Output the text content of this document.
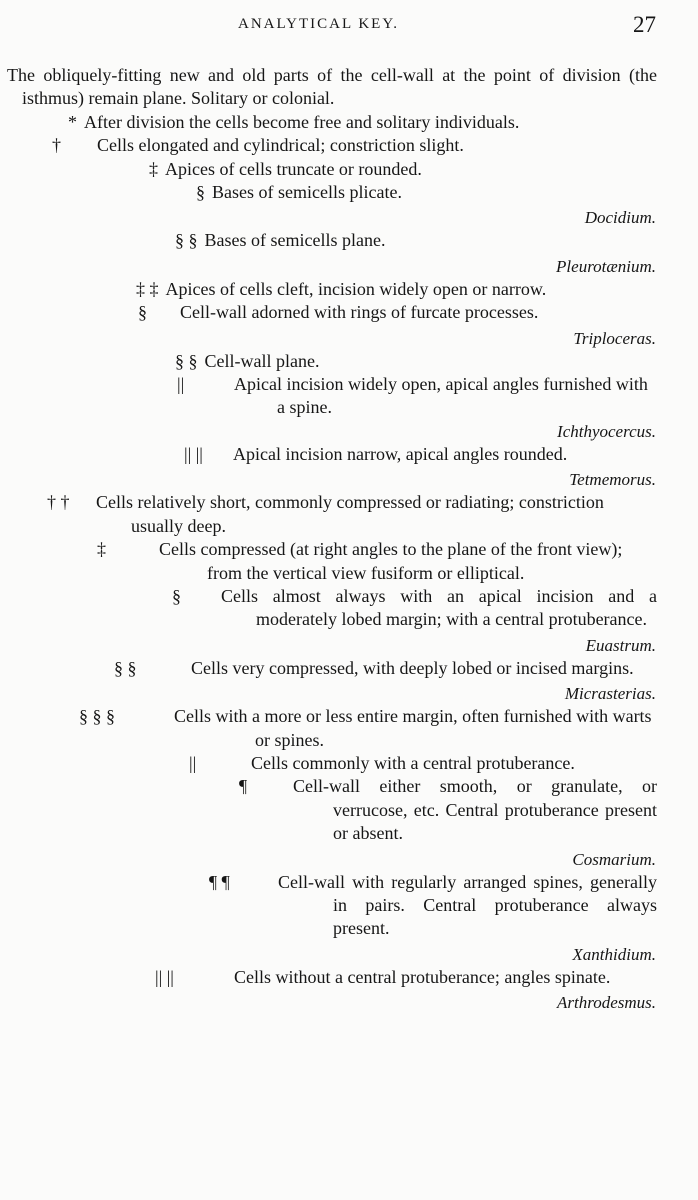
ANALYTICAL KEY.	27
The obliquely-fitting new and old parts of the cell-wall at the point of division (the isthmus) remain plane. Solitary or colonial.
* After division the cells become free and solitary individuals.
† Cells elongated and cylindrical; constriction slight.
‡ Apices of cells truncate or rounded.
§ Bases of semicells plicate.
Docidium.
§ § Bases of semicells plane.
Pleurotænium.
‡ ‡ Apices of cells cleft, incision widely open or narrow.
§ Cell-wall adorned with rings of furcate processes.
Triploceras.
§ § Cell-wall plane.
||	Apical incision widely open, apical angles furnished with a spine.
Ichthyocercus.
|| || Apical incision narrow, apical angles rounded.
Tetmemorus.
† † Cells relatively short, commonly compressed or radiating; constriction usually deep.
‡	Cells compressed (at right angles to the plane of the front view); from the vertical view fusiform or elliptical.
§ Cells almost always with an apical incision and a moderately lobed margin; with a central protuberance.
Euastrum.
§ §	Cells very compressed, with deeply lobed or incised margins.
Micrasterias.
§ § §	Cells with a more or less entire margin, often furnished with warts or spines.
||	Cells commonly with a central protuberance.
¶	Cell-wall either smooth, or granulate, or verrucose, etc. Central protuberance present or absent.
Cosmarium.
¶ ¶	Cell-wall with regularly arranged spines, generally in pairs. Central protuberance always present.
Xanthidium.
|| ||	Cells without a central protuberance; angles spinate.
Arthrodesmus.
